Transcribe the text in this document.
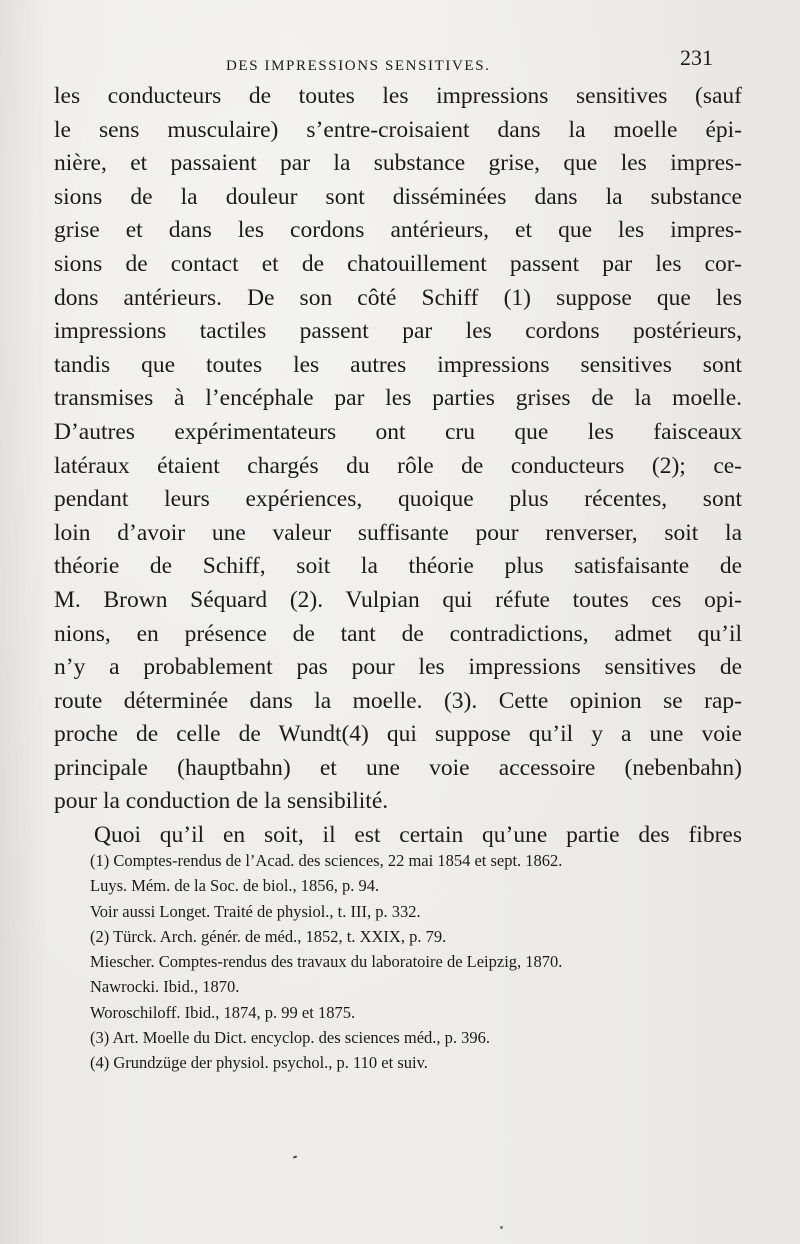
DES IMPRESSIONS SENSITIVES.	231
les conducteurs de toutes les impressions sensitives (sauf
le sens musculaire) s’entre-croisaient dans la moelle épi-
nière, et passaient par la substance grise, que les impres-
sions de la douleur sont disséminées dans la substance
grise et dans les cordons antérieurs, et que les impres-
sions de contact et de chatouillement passent par les cor-
dons antérieurs. De son côté Schiff (1) suppose que les
impressions tactiles passent par les cordons postérieurs,
tandis que toutes les autres impressions sensitives sont
transmises à l’encéphale par les parties grises de la moelle.
D’autres expérimentateurs ont cru que les faisceaux
latéraux étaient chargés du rôle de conducteurs (2); ce-
pendant leurs expériences, quoique plus récentes, sont
loin d’avoir une valeur suffisante pour renverser, soit la
théorie de Schiff, soit la théorie plus satisfaisante de
M. Brown Séquard (2). Vulpian qui réfute toutes ces opi-
nions, en présence de tant de contradictions, admet qu’il
n’y a probablement pas pour les impressions sensitives de
route déterminée dans la moelle. (3). Cette opinion se rap-
proche de celle de Wundt(4) qui suppose qu’il y a une voie
principale (hauptbahn) et une voie accessoire (nebenbahn)
pour la conduction de la sensibilité.
Quoi qu’il en soit, il est certain qu’une partie des fibres
(1) Comptes-rendus de l’Acad. des sciences, 22 mai 1854 et sept. 1862.
Luys. Mém. de la Soc. de biol., 1856, p. 94.
Voir aussi Longet. Traité de physiol., t. III, p. 332.
(2) Türck. Arch. génér. de méd., 1852, t. XXIX, p. 79.
Miescher. Comptes-rendus des travaux du laboratoire de Leipzig, 1870.
Nawrocki. Ibid., 1870.
Woroschiloff. Ibid., 1874, p. 99 et 1875.
(3) Art. Moelle du Dict. encyclop. des sciences méd., p. 396.
(4) Grundzüge der physiol. psychol., p. 110 et suiv.
